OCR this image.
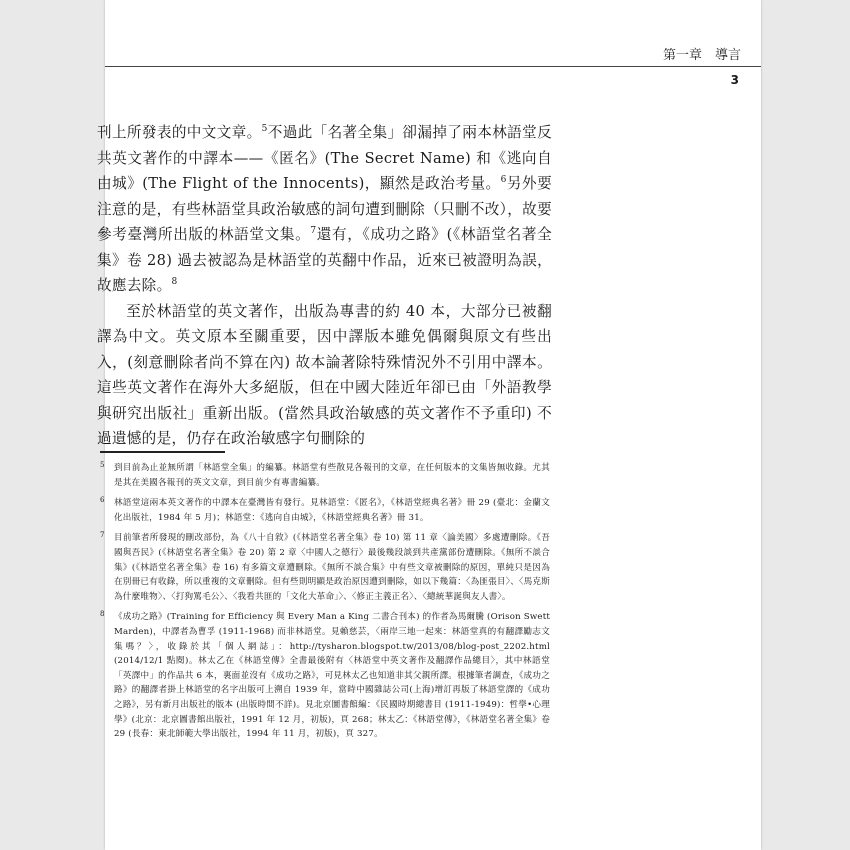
第一章　導言
3

刊上所發表的中文文章。$^5$不過此「名著全集」卻漏掉了兩本林語堂反共英文著作的中譯本——《匿名》(The Secret Name) 和《逃向自由城》(The Flight of the Innocents)，顯然是政治考量。$^6$另外要注意的是，有些林語堂具政治敏感的詞句遭到刪除（只刪不改），故要參考臺灣所出版的林語堂文集。$^7$還有，《成功之路》(《林語堂名著全集》卷 28) 過去被認為是林語堂的英翻中作品，近來已被證明為誤，故應去除。$^8$

至於林語堂的英文著作，出版為專書的約 40 本，大部分已被翻譯為中文。英文原本至關重要，因中譯版本雖免偶爾與原文有些出入，(刻意刪除者尚不算在內) 故本論著除特殊情況外不引用中譯本。這些英文著作在海外大多絕版，但在中國大陸近年卻已由「外語教學與研究出版社」重新出版。(當然具政治敏感的英文著作不予重印) 不過遺憾的是，仍存在政治敏感字句刪除的

5 到目前為止並無所謂「林語堂全集」的編纂。林語堂有些散見各報刊的文章，在任何版本的文集皆無收錄。尤其是其在美國各報刊的英文文章，到目前少有專書編纂。
6 林語堂這兩本英文著作的中譯本在臺灣皆有發行。見林語堂：《匿名》，《林語堂經典名著》冊 29 (臺北：金蘭文化出版社，1984 年 5 月)；林語堂：《逃向自由城》，《林語堂經典名著》冊 31。
7 目前筆者所發現的刪改部份，為《八十自敘》(《林語堂名著全集》卷 10) 第 11 章〈論美國〉多處遭刪除。《吾國與吾民》(《林語堂名著全集》卷 20) 第 2 章〈中國人之德行〉最後幾段談到共產黨部份遭刪除。《無所不談合集》(《林語堂名著全集》卷 16) 有多篇文章遭刪除。《無所不談合集》中有些文章被刪除的原因，單純只是因為在別冊已有收錄，所以重複的文章刪除。但有些則明顯是政治原因遭到刪除，如以下幾篇：〈為匪張目〉、〈馬克斯為什麼唯物〉、〈打狗罵毛公〉、〈我看共匪的「文化大革命」〉、〈修正主義正名〉、〈總統華誕與友人書〉。
8 《成功之路》(Training for Efficiency 與 Every Man a King 二書合刊本) 的作者為馬爾騰 (Orison Swett Marden)，中譯者為曹孚 (1911-1968) 而非林語堂。見賴慈芸，〈兩岸三地一起來：林語堂真的有翻譯勵志文集嗎？〉，收錄於其「個人網誌」：http://tysharon.blogspot.tw/2013/08/blog-post_2202.html (2014/12/1 點閱)。林太乙在《林語堂傳》全書最後附有〈林語堂中英文著作及翻譯作品總目〉，其中林語堂「英譯中」的作品共 6 本，裏面並沒有《成功之路》，可見林太乙也知道非其父親所譯。根據筆者調查，《成功之路》的翻譯者掛上林語堂的名字出版可上溯自 1939 年，當時中國雜誌公司(上海)增訂再版了林語堂譯的《成功之路》，另有新月出版社的版本 (出版時間不詳)。見北京圖書館編：《民國時期總書目 (1911-1949)：哲學•心理學》(北京：北京圖書館出版社，1991 年 12 月，初版)，頁 268；林太乙：《林語堂傳》，《林語堂名著全集》卷 29 (長春：東北師範大學出版社，1994 年 11 月，初版)，頁 327。
